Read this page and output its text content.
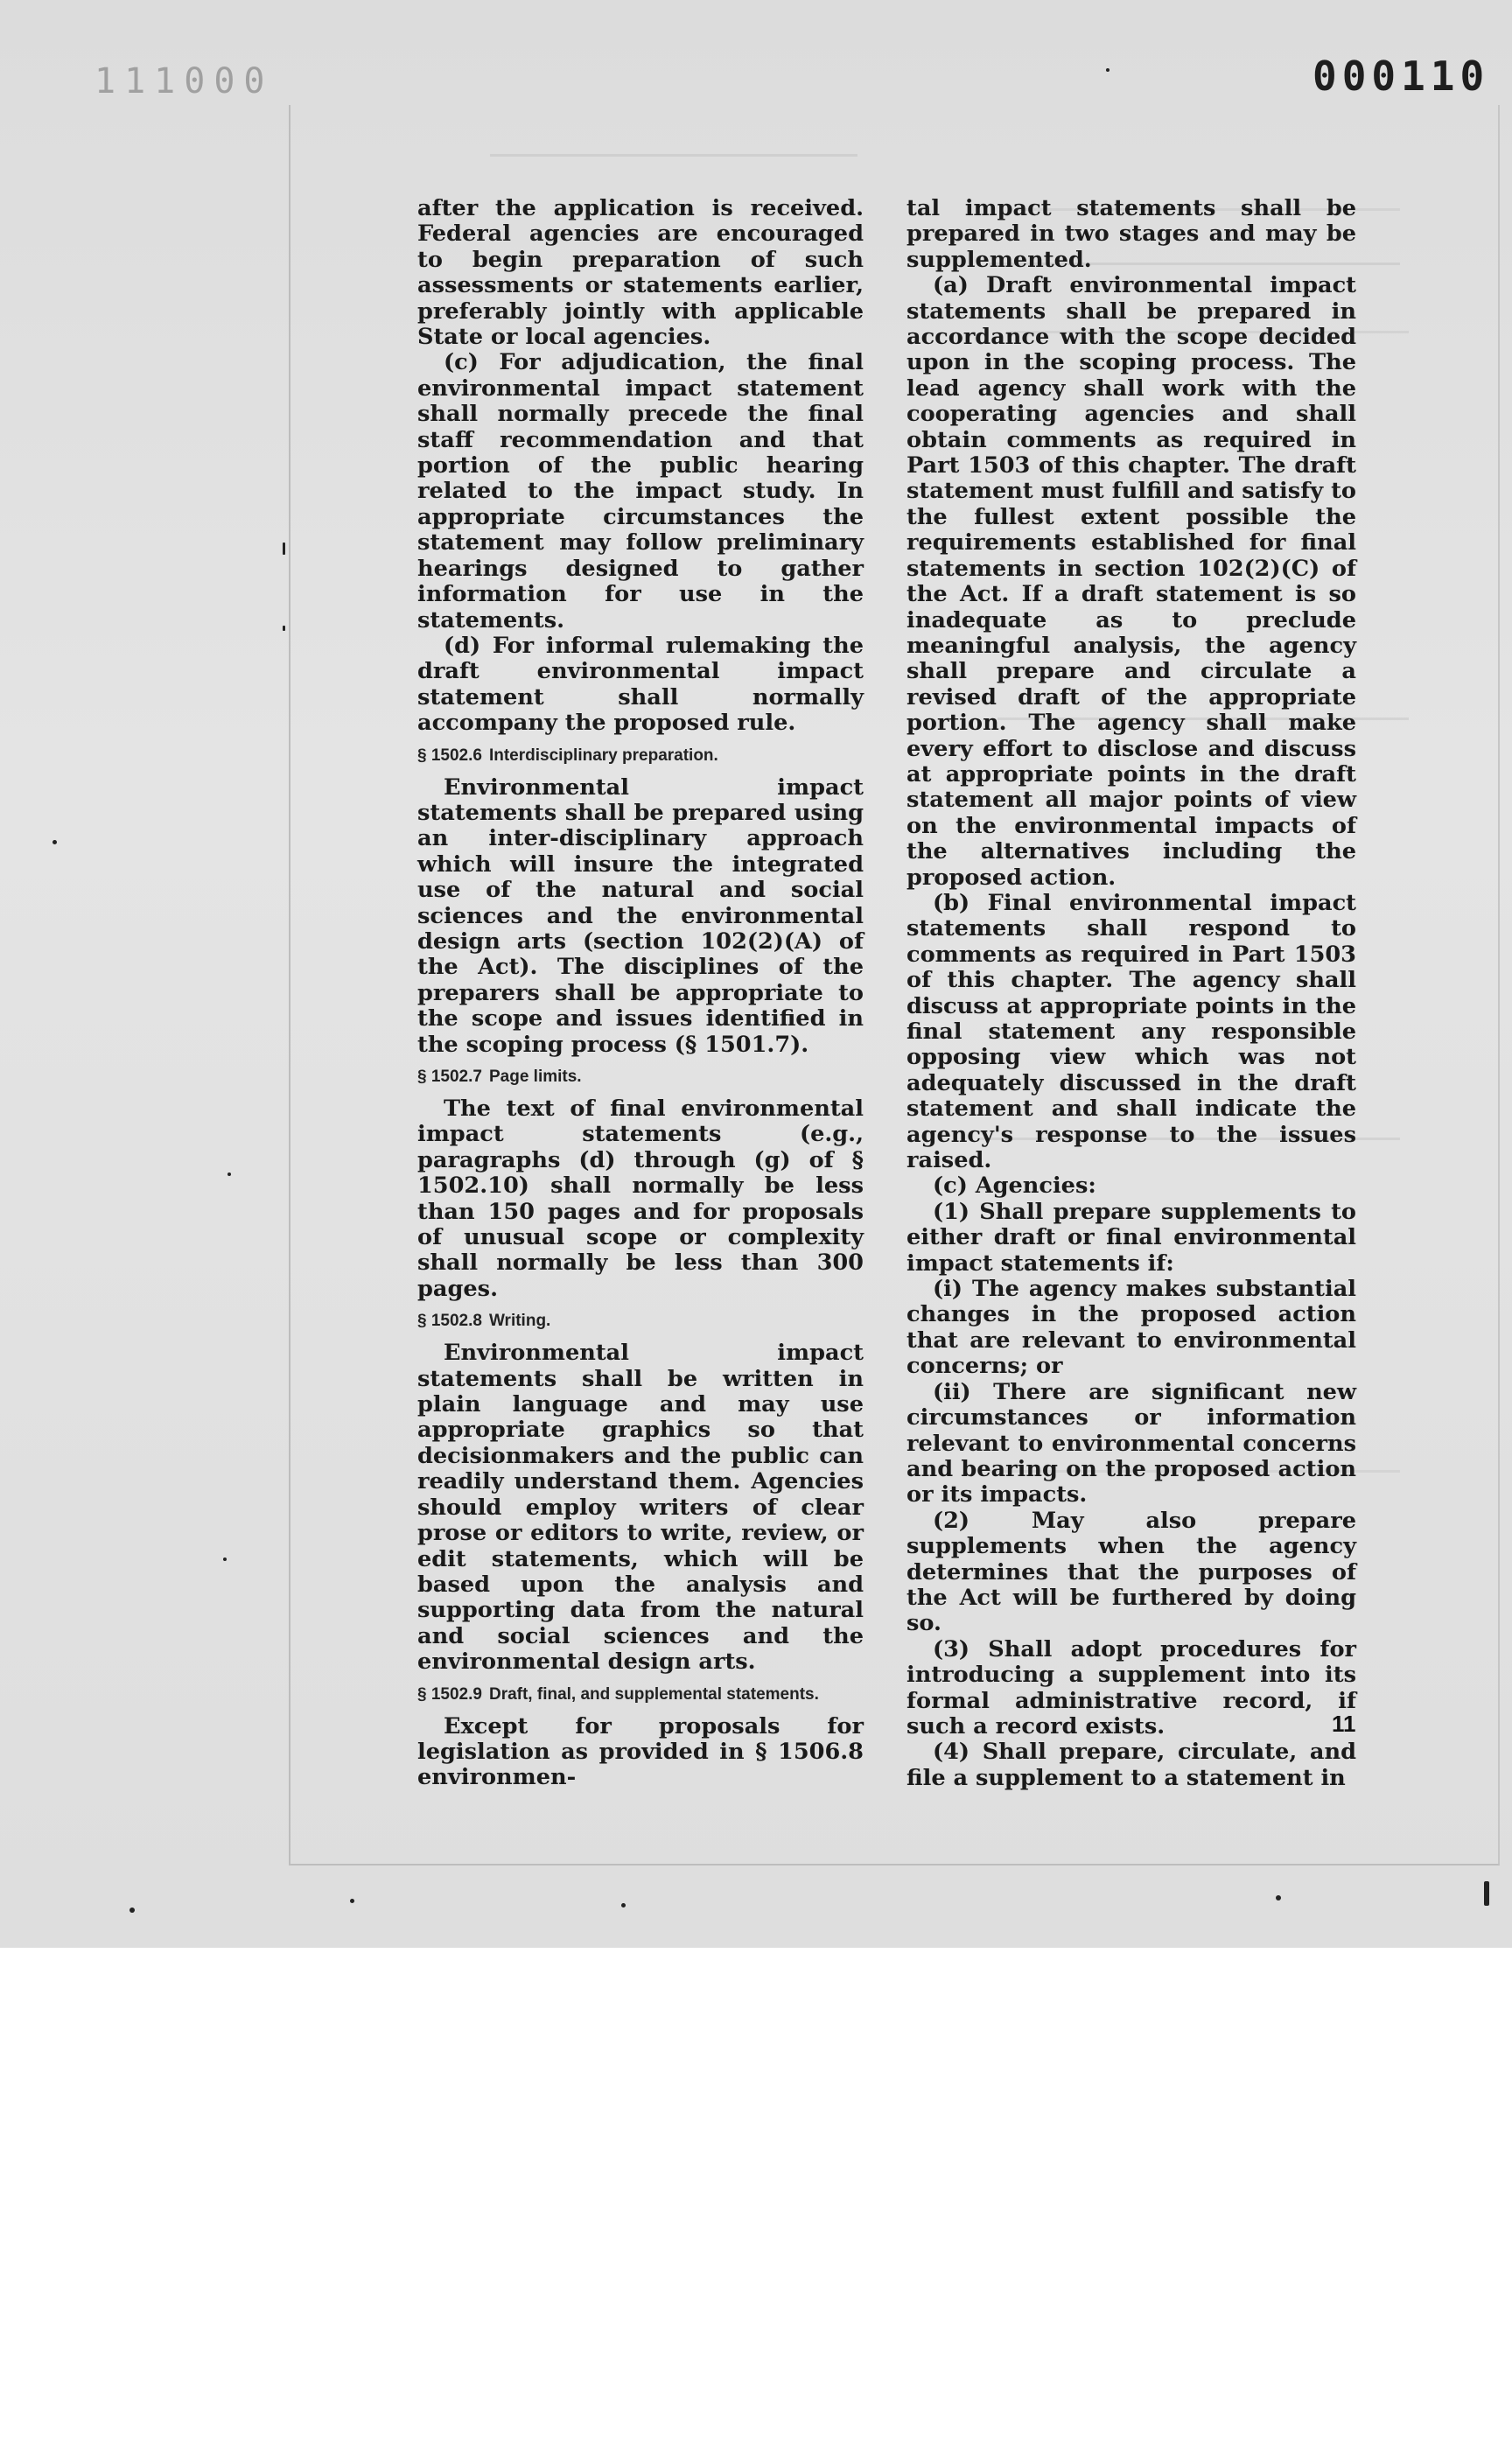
111000	000110

after the application is received. Federal agencies are encouraged to begin preparation of such assessments or statements earlier, preferably jointly with applicable State or local agencies.

(c) For adjudication, the final environmental impact statement shall normally precede the final staff recommendation and that portion of the public hearing related to the impact study. In appropriate circumstances the statement may follow preliminary hearings designed to gather information for use in the statements.

(d) For informal rulemaking the draft environmental impact statement shall normally accompany the proposed rule.

§ 1502.6 Interdisciplinary preparation.

Environmental impact statements shall be prepared using an inter-disciplinary approach which will insure the integrated use of the natural and social sciences and the environmental design arts (section 102(2)(A) of the Act). The disciplines of the preparers shall be appropriate to the scope and issues identified in the scoping process (§ 1501.7).

§ 1502.7 Page limits.

The text of final environmental impact statements (e.g., paragraphs (d) through (g) of § 1502.10) shall normally be less than 150 pages and for proposals of unusual scope or complexity shall normally be less than 300 pages.

§ 1502.8 Writing.

Environmental impact statements shall be written in plain language and may use appropriate graphics so that decisionmakers and the public can readily understand them. Agencies should employ writers of clear prose or editors to write, review, or edit statements, which will be based upon the analysis and supporting data from the natural and social sciences and the environmental design arts.

§ 1502.9 Draft, final, and supplemental statements.

Except for proposals for legislation as provided in § 1506.8 environmen-

tal impact statements shall be prepared in two stages and may be supplemented.

(a) Draft environmental impact statements shall be prepared in accordance with the scope decided upon in the scoping process. The lead agency shall work with the cooperating agencies and shall obtain comments as required in Part 1503 of this chapter. The draft statement must fulfill and satisfy to the fullest extent possible the requirements established for final statements in section 102(2)(C) of the Act. If a draft statement is so inadequate as to preclude meaningful analysis, the agency shall prepare and circulate a revised draft of the appropriate portion. The agency shall make every effort to disclose and discuss at appropriate points in the draft statement all major points of view on the environmental impacts of the alternatives including the proposed action.

(b) Final environmental impact statements shall respond to comments as required in Part 1503 of this chapter. The agency shall discuss at appropriate points in the final statement any responsible opposing view which was not adequately discussed in the draft statement and shall indicate the agency's response to the issues raised.

(c) Agencies:

(1) Shall prepare supplements to either draft or final environmental impact statements if:

(i) The agency makes substantial changes in the proposed action that are relevant to environmental concerns; or

(ii) There are significant new circumstances or information relevant to environmental concerns and bearing on the proposed action or its impacts.

(2) May also prepare supplements when the agency determines that the purposes of the Act will be furthered by doing so.

(3) Shall adopt procedures for introducing a supplement into its formal administrative record, if such a record exists.

(4) Shall prepare, circulate, and file a supplement to a statement in

11
